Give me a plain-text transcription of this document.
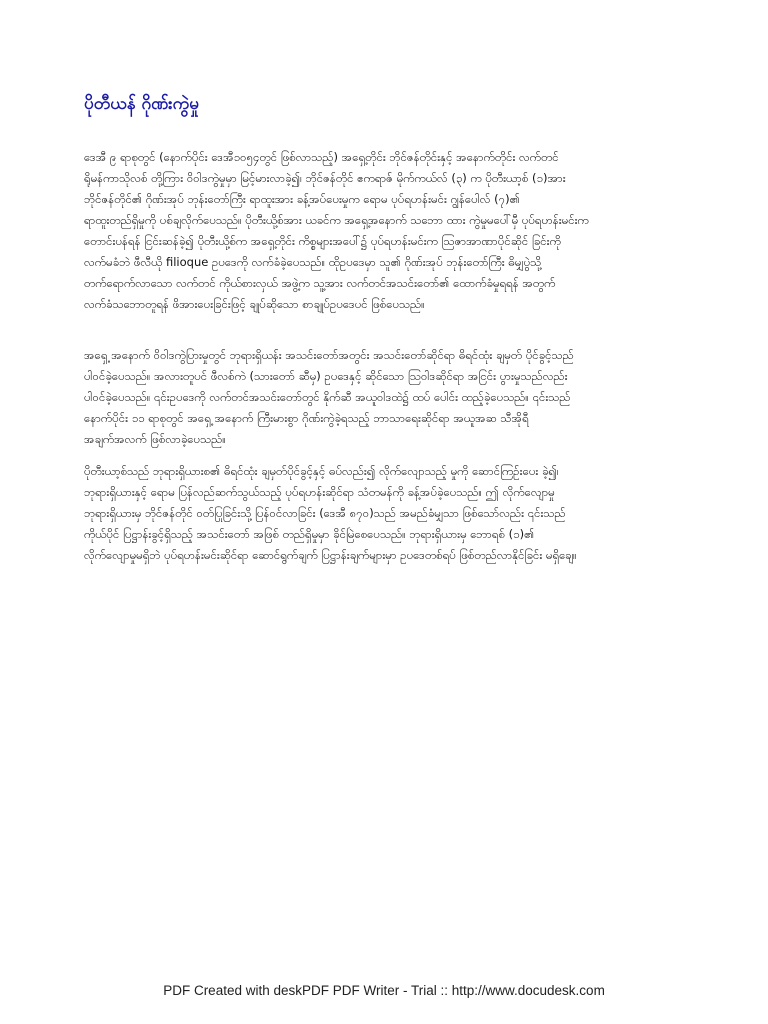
ပိုတီယန် ဂိုဏ်းကွဲမှု

ဒေအီ ၉ ရာစုတွင် (နောက်ပိုင်း ဒေအီ၁၀၅၄တွင် ဖြစ်လာသည့်) အရှေ့တိုင်း ဘိုင်ဇန်တိုင်းနှင့် အနောက်တိုင်း လက်တင်
ရိုမန်ကာသိုလစ် တို့ကြား ဝိဝါဒကွဲမှုမှာ မြင့်မားလာခဲ့၍၊ ဘိုင်ဇန်တိုင် ဧကရာဇ် မိုက်ကယ်လ် (၃) က ပိုတီးယာ့စ် (၁)အား
ဘိုင်ဇန်တိုင်၏ ဂိုဏ်းအုပ် ဘုန်းတော်ကြီး ရာထူးအား ခန့်အပ်ပေးမှုက ရောမ ပုပ်ရဟန်းမင်း ဂျွန်ပေါလ် (၇)၏
ရာထူးတည်ရှိမှုကို ပစ်ချလိုက်ပေသည်။ ပိုတီးယို့စ်အား ယခင်က အရှေ့အနောက် သဘော ထား ကွဲမှုမပေါ်မှီ ပုပ်ရဟန်းမင်းက
တောင်းပန်ရန် ငြင်းဆန်ခဲ့၍ ပိုတီးယို့စ်က အရှေ့တိုင်း ကိစ္စများအပေါ်၌ ပုပ်ရဟန်းမင်းက ဩဇာအာဏာပိုင်ဆိုင် ခြင်းကို
လက်မခံဘဲ ဖီလီယို filioque ဥပဒေကို လက်ခံခဲ့ပေသည်။ ထိုဥပဒေမှာ သူ၏ ဂိုဏ်းအုပ် ဘုန်းတော်ကြီး ဓိမျှပွဲသို့
တက်ရောက်လာသော လက်တင် ကိုယ်စားလှယ် အဖွဲ့က သူ့အား လက်တင်အသင်းတော်၏ ထောက်ခံမှုရရန် အတွက်
လက်ခံသဘောတူရန် ဖိအားပေးခြင်းဖြင့် ချုပ်ဆိုသော စာချုပ်ဥပဒေပင် ဖြစ်ပေသည်။

အရှေ့ အနောက် ဝိဝါဒကွဲပြားမှုတွင် ဘုရားရှိယန်း အသင်းတော်အတွင်း အသင်းတော်ဆိုင်ရာ ဓိရင်ထုံး ချမှတ် ပိုင်ခွင့်သည်
ပါဝင်ခဲ့ပေသည်။ အလားတူပင် ဖီလစ်ကဲ (သားတော် ဆီမှ) ဥပဒေနှင့် ဆိုင်သော ဩဝါဒဆိုင်ရာ အငြင်း ပွားမှုသည်လည်း
ပါဝင်ခဲ့ပေသည်။ ၎င်းဥပဒေကို လက်တင်အသင်းတော်တွင် နိုက်ဆီ အယူဝါဒထဲ၌ ထပ် ပေါင်း ထည့်ခဲ့ပေသည်။ ၎င်းသည်
နောက်ပိုင်း ၁၁ ရာစုတွင် အရှေ့ အနောက် ကြီးမားစွာ ဂိုဏ်းကွဲခဲ့ရသည့် ဘာသာရေးဆိုင်ရာ အယူအဆ သီအိုရီ
အချက်အလက် ဖြစ်လာခဲ့ပေသည်။

ပိုတီးယာ့စ်သည် ဘုရားရှိယားစ၏ ဓိရင်ထုံး ချမှတ်ပိုင်ခွင့်နှင့် ဓပ်လည်း၍ လိုက်လျောသည့် မှုကို ဆောင်ကြဉ်းပေး ခဲ့၍၊
ဘုရားရှိယားနှင့် ရောမ ပြန်လည်ဆက်သွယ်သည့် ပုပ်ရဟန်းဆိုင်ရာ သံတမန်ကို ခန့်အပ်ခဲ့ပေသည်။ ဤ လိုက်လျောမှု
ဘုရားရှိယားမှ ဘိုင်ဇန်တိုင် ဝတ်ပြုခြင်းသို့ ပြန်ဝင်လာခြင်း (ဒေအီ ၈၇၀)သည် အမည်ခံမျှသာ ဖြစ်သော်လည်း ၎င်းသည်
ကိုယ်ပိုင် ပြဋ္ဌာန်းခွင့်ရှိသည့် အသင်းတော် အဖြစ် တည်ရှိမှုမှာ ခိုင်မြဲစေပေသည်။ ဘုရားရှိယားမှ ဘောရစ် (၁)၏
လိုက်လျောမှုမရှိဘဲ ပုပ်ရဟန်းမင်းဆိုင်ရာ ဆောင်ရွက်ချက် ပြဋ္ဌာန်းချက်များမှာ ဥပဒေတစ်ရပ် ဖြစ်တည်လာနိုင်ခြင်း မရှိချေ။

PDF Created with deskPDF PDF Writer - Trial :: http://www.docudesk.com
